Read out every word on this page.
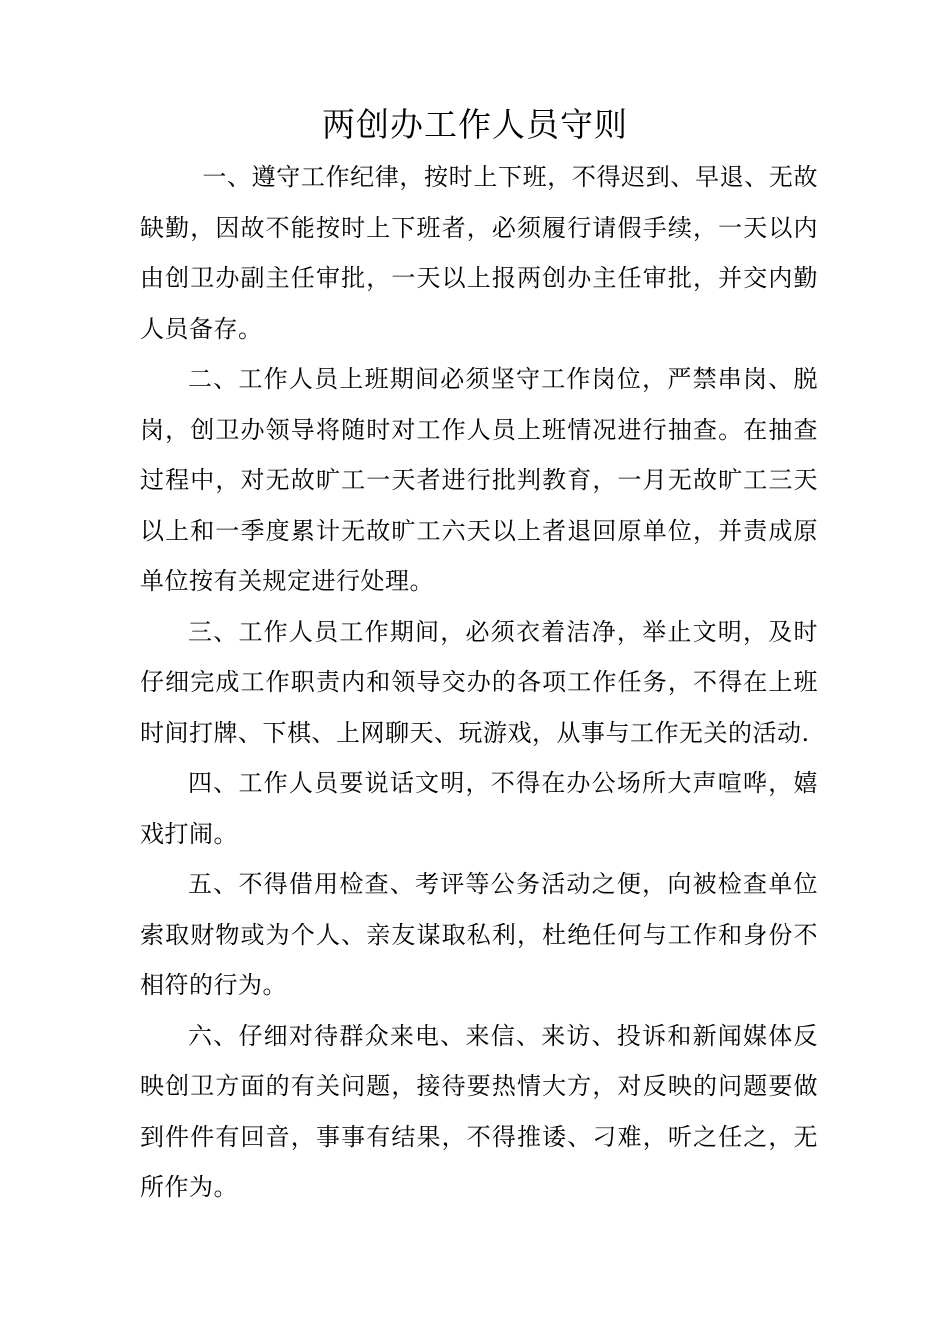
两创办工作人员守则

一、遵守工作纪律，按时上下班，不得迟到、早退、无故缺勤，因故不能按时上下班者，必须履行请假手续，一天以内由创卫办副主任审批，一天以上报两创办主任审批，并交内勤人员备存。

二、工作人员上班期间必须坚守工作岗位，严禁串岗、脱岗，创卫办领导将随时对工作人员上班情况进行抽查。在抽查过程中，对无故旷工一天者进行批判教育，一月无故旷工三天以上和一季度累计无故旷工六天以上者退回原单位，并责成原单位按有关规定进行处理。

三、工作人员工作期间，必须衣着洁净，举止文明，及时仔细完成工作职责内和领导交办的各项工作任务，不得在上班时间打牌、下棋、上网聊天、玩游戏，从事与工作无关的活动.

四、工作人员要说话文明，不得在办公场所大声喧哗，嬉戏打闹。

五、不得借用检查、考评等公务活动之便，向被检查单位索取财物或为个人、亲友谋取私利，杜绝任何与工作和身份不相符的行为。

六、仔细对待群众来电、来信、来访、投诉和新闻媒体反映创卫方面的有关问题，接待要热情大方，对反映的问题要做到件件有回音，事事有结果，不得推诿、刁难，听之任之，无所作为。
